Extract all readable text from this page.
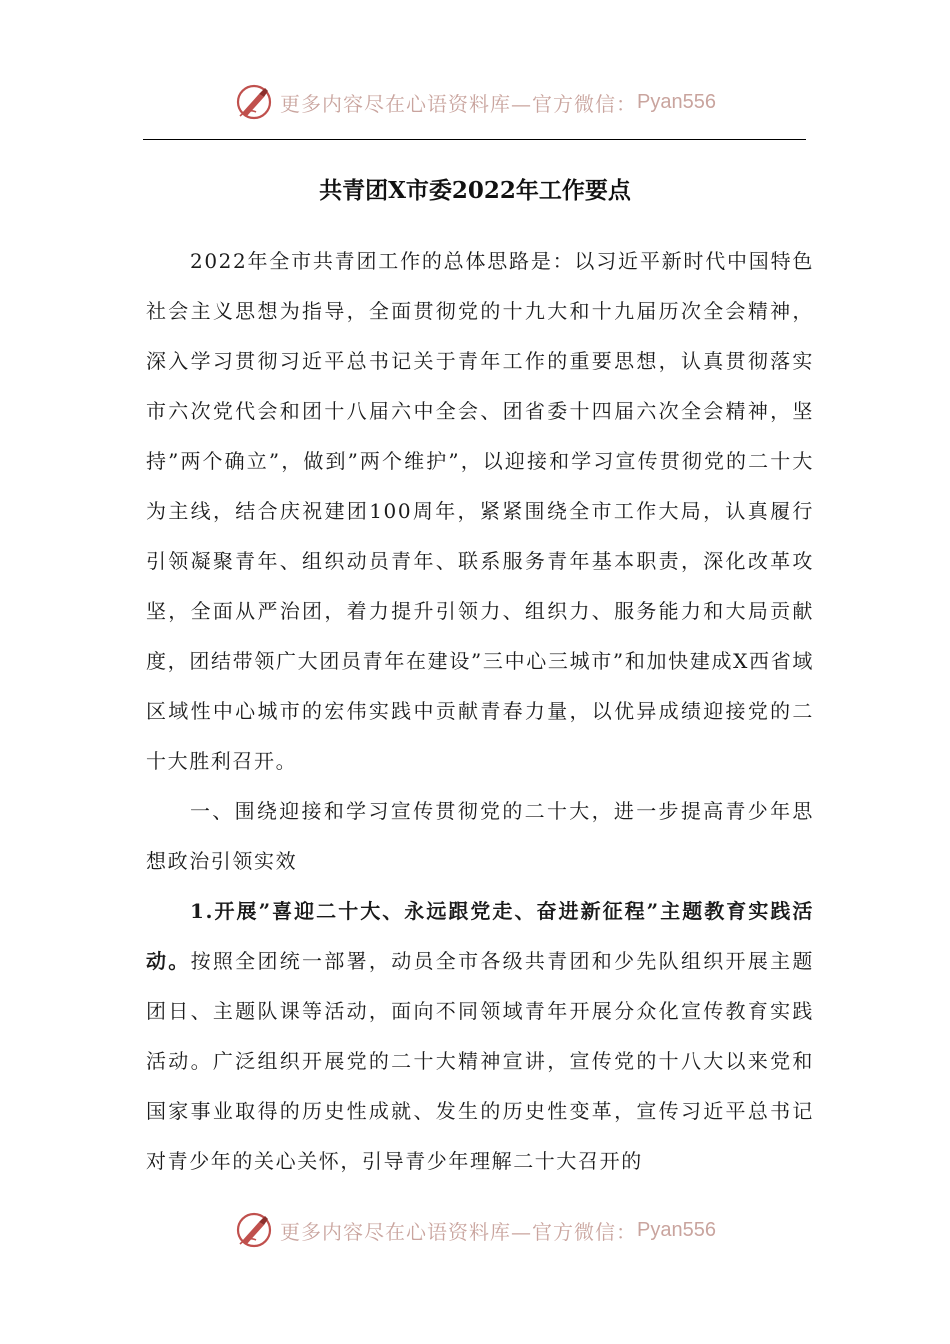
更多内容尽在心语资料库—官方微信： Pyan556
共青团X市委2022年工作要点

2022年全市共青团工作的总体思路是：以习近平新时代中国特色社会主义思想为指导，全面贯彻党的十九大和十九届历次全会精神，深入学习贯彻习近平总书记关于青年工作的重要思想，认真贯彻落实市六次党代会和团十八届六中全会、团省委十四届六次全会精神，坚持”两个确立”，做到”两个维护”，以迎接和学习宣传贯彻党的二十大为主线，结合庆祝建团100周年，紧紧围绕全市工作大局，认真履行引领凝聚青年、组织动员青年、联系服务青年基本职责，深化改革攻坚，全面从严治团，着力提升引领力、组织力、服务能力和大局贡献度，团结带领广大团员青年在建设”三中心三城市”和加快建成X西省域区域性中心城市的宏伟实践中贡献青春力量，以优异成绩迎接党的二十大胜利召开。

一、围绕迎接和学习宣传贯彻党的二十大，进一步提高青少年思想政治引领实效

1.开展”喜迎二十大、永远跟党走、奋进新征程”主题教育实践活动。按照全团统一部署，动员全市各级共青团和少先队组织开展主题团日、主题队课等活动，面向不同领域青年开展分众化宣传教育实践活动。广泛组织开展党的二十大精神宣讲，宣传党的十八大以来党和国家事业取得的历史性成就、发生的历史性变革，宣传习近平总书记对青少年的关心关怀，引导青少年理解二十大召开的

更多内容尽在心语资料库—官方微信： Pyan556
